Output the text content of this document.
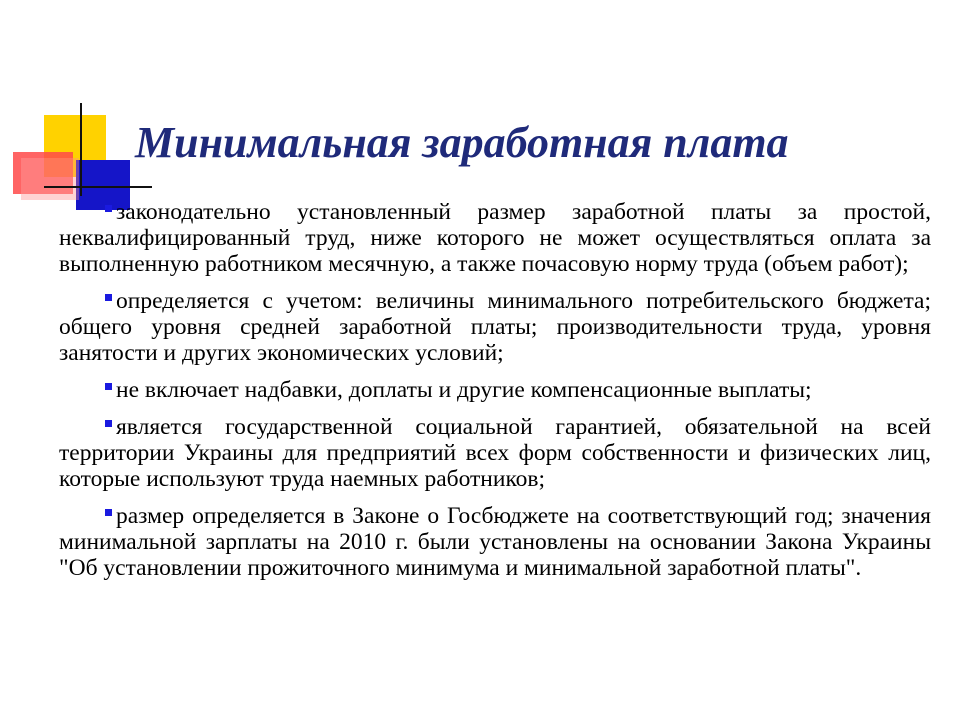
Минимальная заработная плата
законодательно установленный размер заработной платы за простой, неквалифицированный труд, ниже которого не может осуществляться оплата за выполненную работником месячную, а также почасовую норму труда (объем работ);
определяется с учетом: величины минимального потребительского бюджета; общего уровня средней заработной платы; производительности труда, уровня занятости и других экономических условий;
не включает надбавки, доплаты и другие компенсационные выплаты;
является государственной социальной гарантией, обязательной на всей территории Украины для предприятий всех форм собственности и физических лиц, которые используют труда наемных работников;
размер определяется в Законе о Госбюджете на соответствующий год; значения минимальной зарплаты на 2010 г. были установлены на основании Закона Украины "Об установлении прожиточного минимума и минимальной заработной платы".
